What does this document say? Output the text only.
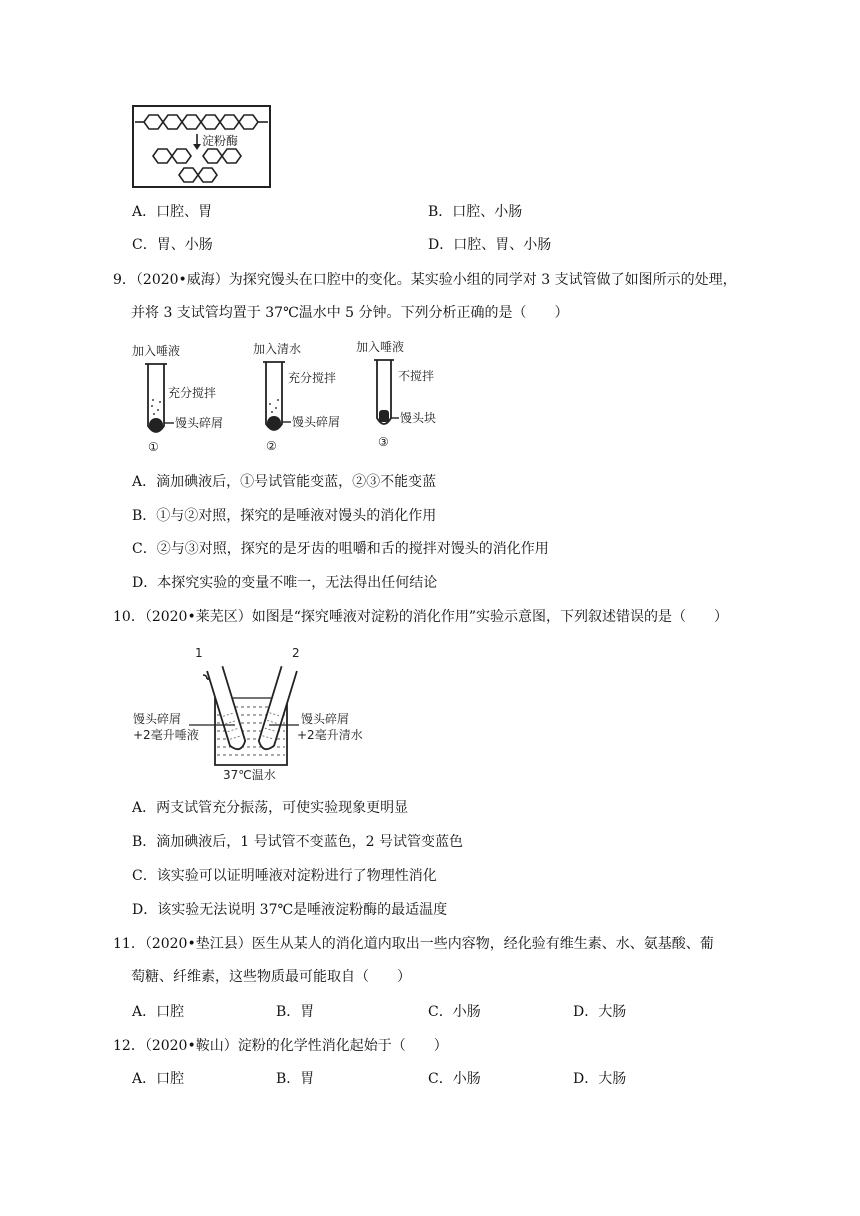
淀粉酶
A．口腔、胃	B．口腔、小肠
C．胃、小肠	D．口腔、胃、小肠
9．（2020•威海）为探究馒头在口腔中的变化。某实验小组的同学对 3 支试管做了如图所示的处理，
并将 3 支试管均置于 37℃温水中 5 分钟。下列分析正确的是（　　）
加入唾液
充分搅拌
馒头碎屑
①
加入清水
充分搅拌
馒头碎屑
②
加入唾液
不搅拌
馒头块
③
A．滴加碘液后，①号试管能变蓝，②③不能变蓝
B．①与②对照，探究的是唾液对馒头的消化作用
C．②与③对照，探究的是牙齿的咀嚼和舌的搅拌对馒头的消化作用
D．本探究实验的变量不唯一，无法得出任何结论
10．（2020•莱芜区）如图是“探究唾液对淀粉的消化作用”实验示意图，下列叙述错误的是（　　）
1	2
馒头碎屑
+2毫升唾液
馒头碎屑
+2毫升清水
37℃温水
A．两支试管充分振荡，可使实验现象更明显
B．滴加碘液后，1 号试管不变蓝色，2 号试管变蓝色
C．该实验可以证明唾液对淀粉进行了物理性消化
D．该实验无法说明 37℃是唾液淀粉酶的最适温度
11．（2020•垫江县）医生从某人的消化道内取出一些内容物，经化验有维生素、水、氨基酸、葡
萄糖、纤维素，这些物质最可能取自（　　）
A．口腔	B．胃	C．小肠	D．大肠
12．（2020•鞍山）淀粉的化学性消化起始于（　　）
A．口腔	B．胃	C．小肠	D．大肠
